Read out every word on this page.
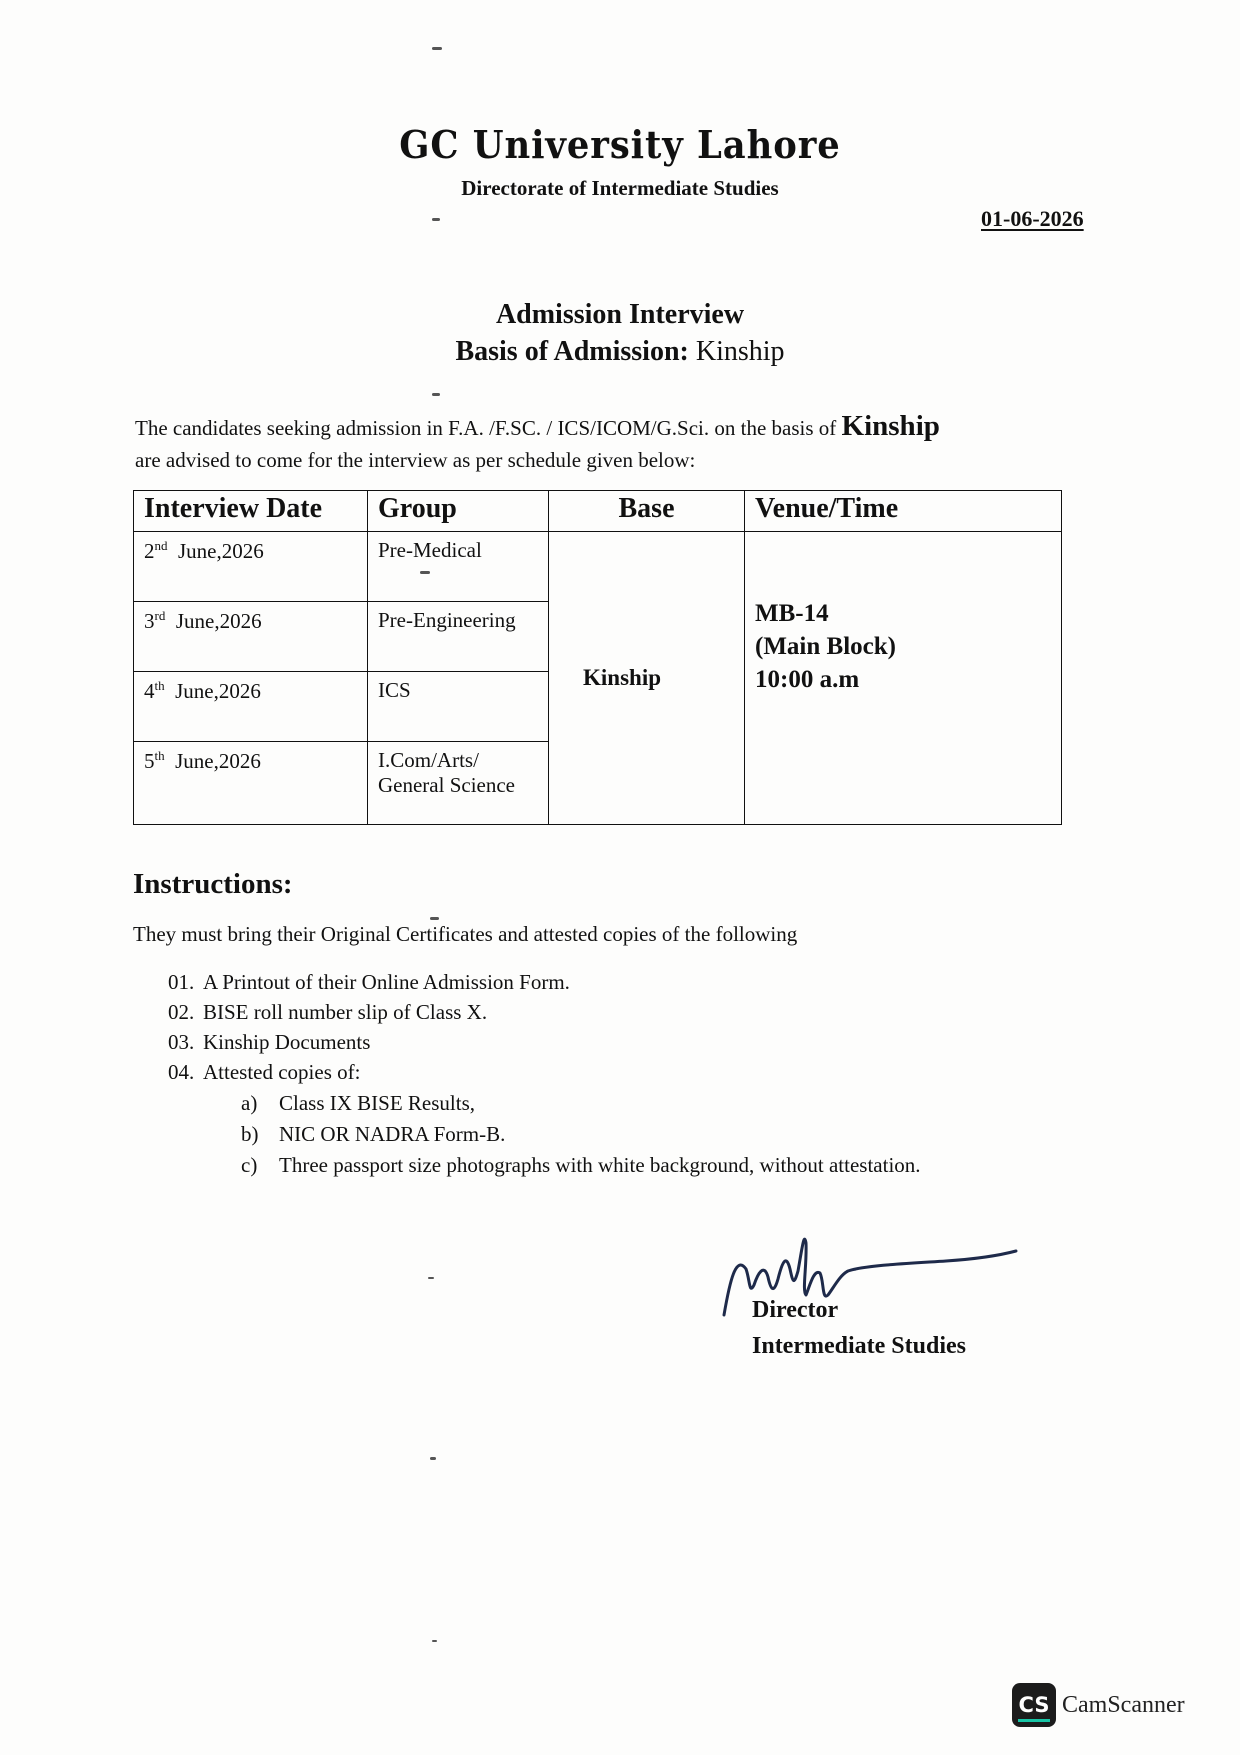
GC University Lahore
Directorate of Intermediate Studies
01-06-2026
Admission Interview
Basis of Admission: Kinship
The candidates seeking admission in F.A. /F.SC. / ICS/ICOM/G.Sci. on the basis of Kinship
are advised to come for the interview as per schedule given below:
Interview Date	Group	Base	Venue/Time
2nd June,2026	Pre-Medical	Kinship	MB-14
(Main Block)
10:00 a.m

3rd June,2026	Pre-Engineering		
4th June,2026	ICS		
5th June,2026	I.Com/Arts/
General Science		
Instructions:
They must bring their Original Certificates and attested copies of the following
01. A Printout of their Online Admission Form.
02. BISE roll number slip of Class X.
03. Kinship Documents
04. Attested copies of:
a) Class IX BISE Results,
b) NIC OR NADRA Form-B.
c) Three passport size photographs with white background, without attestation.
Director
Intermediate Studies
CS CamScanner
